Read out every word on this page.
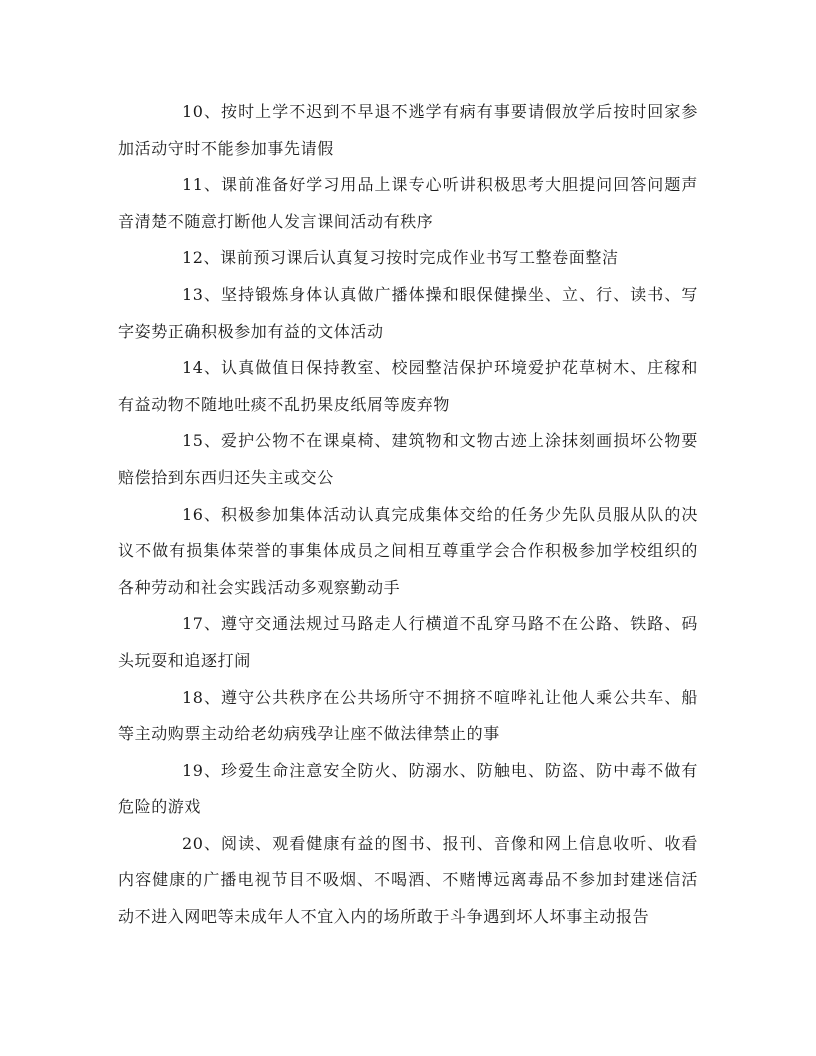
10、按时上学不迟到不早退不逃学有病有事要请假放学后按时回家参加活动守时不能参加事先请假

11、课前准备好学习用品上课专心听讲积极思考大胆提问回答问题声音清楚不随意打断他人发言课间活动有秩序

12、课前预习课后认真复习按时完成作业书写工整卷面整洁

13、坚持锻炼身体认真做广播体操和眼保健操坐、立、行、读书、写字姿势正确积极参加有益的文体活动

14、认真做值日保持教室、校园整洁保护环境爱护花草树木、庄稼和有益动物不随地吐痰不乱扔果皮纸屑等废弃物

15、爱护公物不在课桌椅、建筑物和文物古迹上涂抹刻画损坏公物要赔偿拾到东西归还失主或交公

16、积极参加集体活动认真完成集体交给的任务少先队员服从队的决议不做有损集体荣誉的事集体成员之间相互尊重学会合作积极参加学校组织的各种劳动和社会实践活动多观察勤动手

17、遵守交通法规过马路走人行横道不乱穿马路不在公路、铁路、码头玩耍和追逐打闹

18、遵守公共秩序在公共场所守不拥挤不喧哗礼让他人乘公共车、船等主动购票主动给老幼病残孕让座不做法律禁止的事

19、珍爱生命注意安全防火、防溺水、防触电、防盗、防中毒不做有危险的游戏

20、阅读、观看健康有益的图书、报刊、音像和网上信息收听、收看内容健康的广播电视节目不吸烟、不喝酒、不赌博远离毒品不参加封建迷信活动不进入网吧等未成年人不宜入内的场所敢于斗争遇到坏人坏事主动报告
